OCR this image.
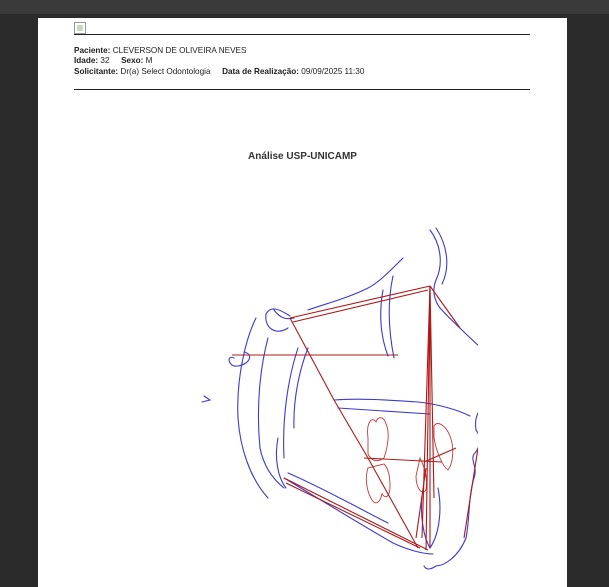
Paciente: CLEVERSON DE OLIVEIRA NEVES
Idade: 32 Sexo: M
Solicitante: Dr(a) Select Odontologia Data de Realização: 09/09/2025 11:30
Análise USP-UNICAMP
